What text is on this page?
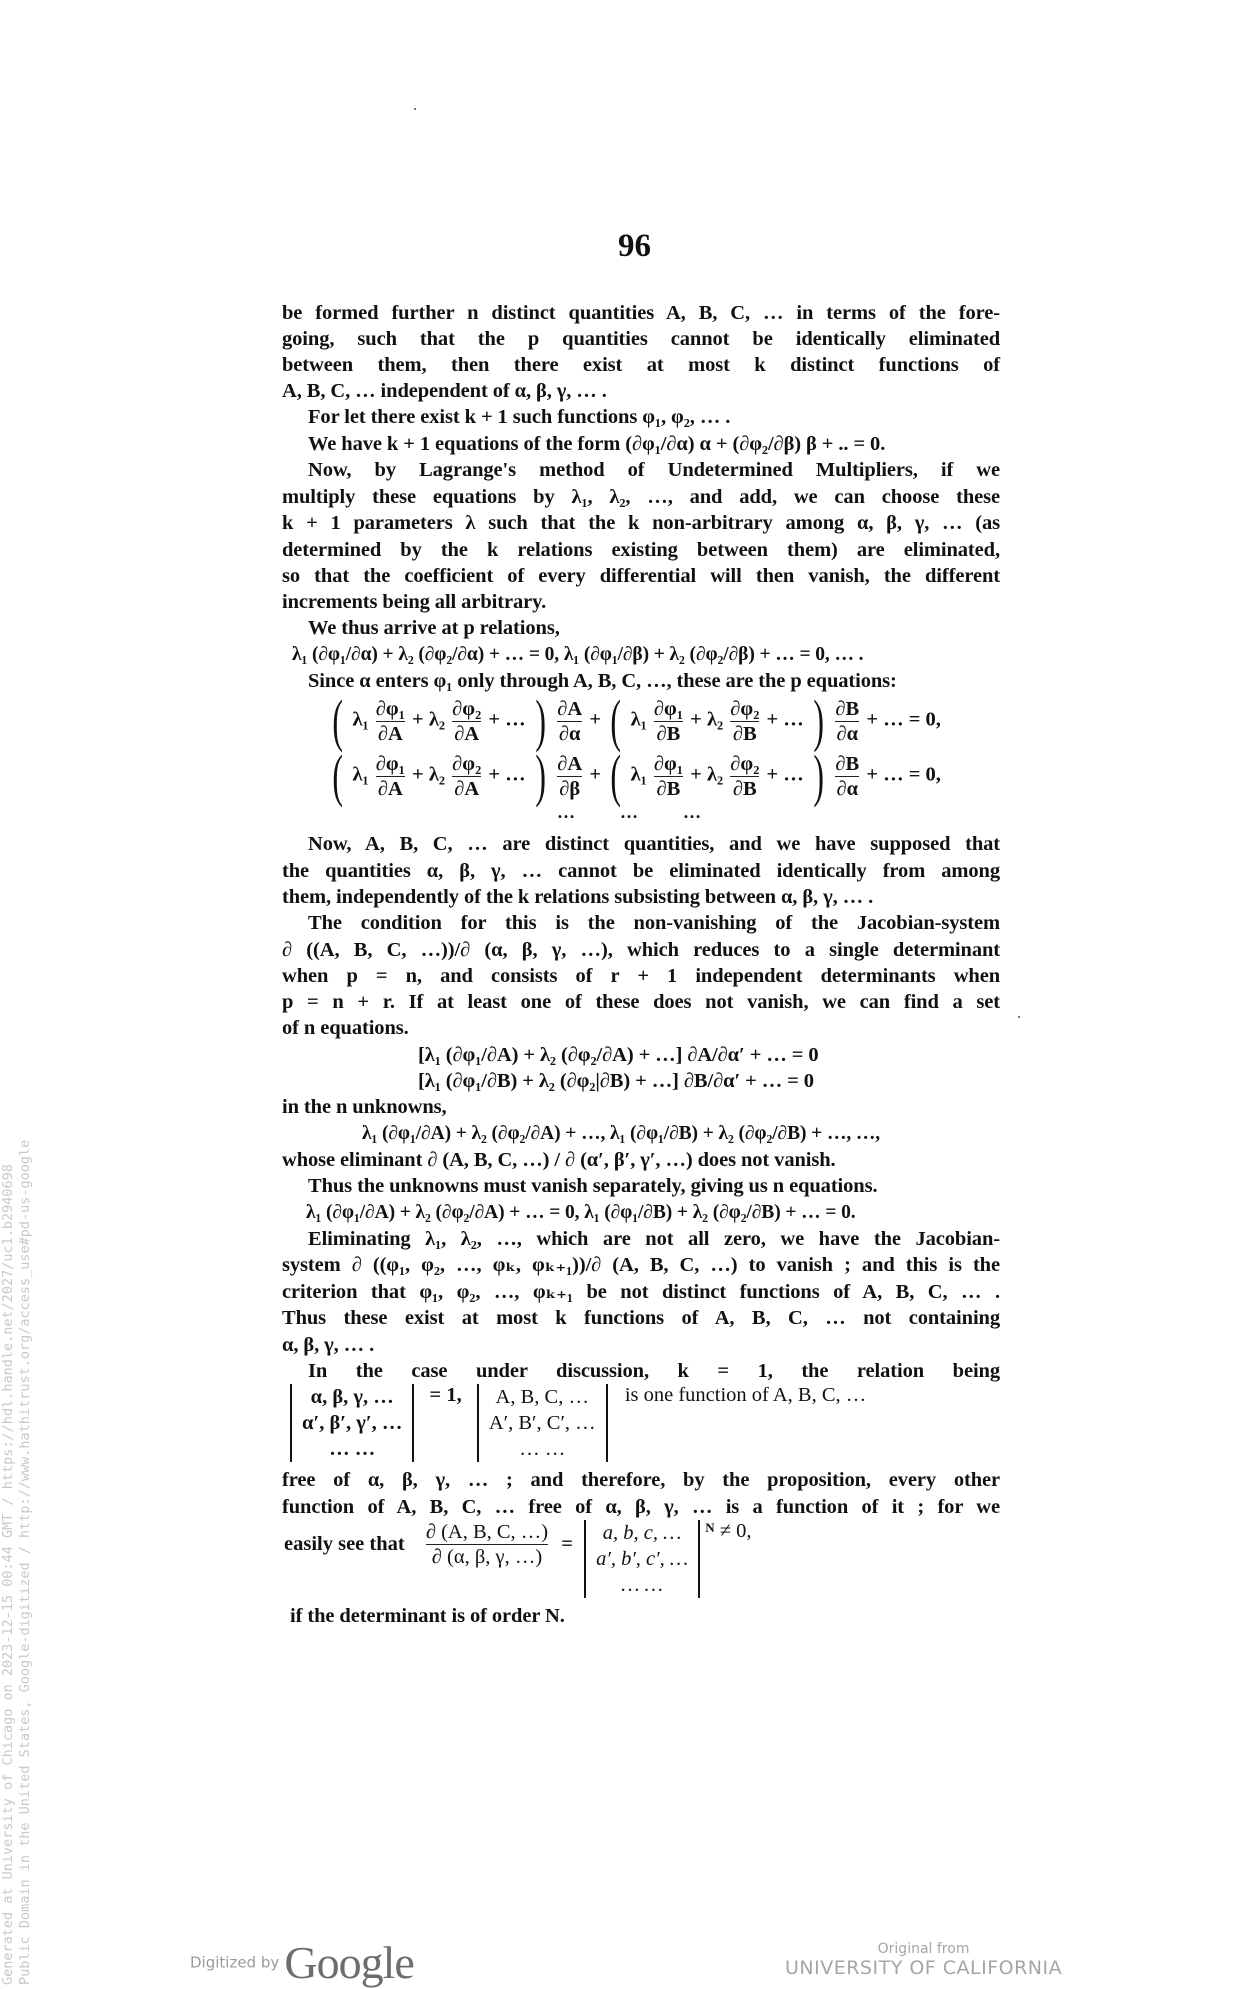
96
be formed further n distinct quantities A, B, C, … in terms of the fore-
going, such that the p quantities cannot be identically eliminated
between them, then there exist at most k distinct functions of
A, B, C, … independent of α, β, γ, … .
For let there exist k + 1 such functions φ₁, φ₂, … .
We have k + 1 equations of the form (∂φ₁/∂α) α + (∂φ₂/∂β) β + .. = 0.
Now, by Lagrange's method of Undetermined Multipliers, if we
multiply these equations by λ₁, λ₂, …, and add, we can choose these
k + 1 parameters λ such that the k non-arbitrary among α, β, γ, … (as
determined by the k relations existing between them) are eliminated,
so that the coefficient of every differential will then vanish, the different
increments being all arbitrary.
We thus arrive at p relations,
λ₁ (∂φ₁/∂α) + λ₂ (∂φ₂/∂α) + … = 0, λ₁ (∂φ₁/∂β) + λ₂ (∂φ₂/∂β) + … = 0, … .
Since α enters φ₁ only through A, B, C, …, these are the p equations:
( $\lambda_1 \frac{\text{∂φ₁}}{\partial A} + \lambda_2 \frac{\text{∂φ₂}}{\partial A}$ + … ) $\frac{\partial A}{\partial\alpha}$ + ( $\lambda_1 \frac{\text{∂φ₁}}{\partial B} + \lambda_2 \frac{\text{∂φ₂}}{\partial B}$ + … ) $\frac{\partial B}{\partial\alpha}$ + … = 0,
( $\lambda_1 \frac{\text{∂φ₁}}{\partial A} + \lambda_2 \frac{\text{∂φ₂}}{\partial A}$ + … ) $\frac{\partial A}{\partial\beta}$ + ( $\lambda_1 \frac{\text{∂φ₁}}{\partial B} + \lambda_2 \frac{\text{∂φ₂}}{\partial B}$ + … ) $\frac{\partial B}{\partial\alpha}$ + … = 0,
…          …          …
Now, A, B, C, … are distinct quantities, and we have supposed that
the quantities α, β, γ, … cannot be eliminated identically from among
them, independently of the k relations subsisting between α, β, γ, … .
The condition for this is the non-vanishing of the Jacobian-system
∂ ((A, B, C, …))/∂ (α, β, γ, …), which reduces to a single determinant
when p = n, and consists of r + 1 independent determinants when
p = n + r. If at least one of these does not vanish, we can find a set
of n equations.
[λ₁ (∂φ₁/∂A) + λ₂ (∂φ₂/∂A) + …] ∂A/∂α′ + … = 0
[λ₁ (∂φ₁/∂B) + λ₂ (∂φ₂|∂B) + …] ∂B/∂α′ + … = 0
in the n unknowns,
λ₁ (∂φ₁/∂A) + λ₂ (∂φ₂/∂A) + …, λ₁ (∂φ₁/∂B) + λ₂ (∂φ₂/∂B) + …, …,
whose eliminant ∂ (A, B, C, …) / ∂ (α′, β′, γ′, …) does not vanish.
Thus the unknowns must vanish separately, giving us n equations.
λ₁ (∂φ₁/∂A) + λ₂ (∂φ₂/∂A) + … = 0, λ₁ (∂φ₁/∂B) + λ₂ (∂φ₂/∂B) + … = 0.
Eliminating λ₁, λ₂, …, which are not all zero, we have the Jacobian-
system ∂ ((φ₁, φ₂, …, φₖ, φₖ₊₁))/∂ (A, B, C, …) to vanish ; and this is the
criterion that φ₁, φ₂, …, φₖ₊₁ be not distinct functions of A, B, C, … .
Thus these exist at most k functions of A, B, C, … not containing
α, β, γ, … .
In the case under discussion, k = 1, the relation being
α, β, γ, …
α′, β′, γ′, …
… …
= 1,	A, B, C, …
A′, B′, C′, …
… …
is one function of A, B, C, …
free of α, β, γ, … ; and therefore, by the proposition, every other
function of A, B, C, … free of α, β, γ, … is a function of it ; for we
easily see that $\frac{\partial (A, B, C, \dots)}{\partial (\alpha, \beta, \gamma, \dots)}$ =	a, b, c, …
a′, b′, c′, …
… …
$^N$ ≠ 0,
if the determinant is of order N.
Generated at University of Chicago on 2023-12-15 00:44 GMT / https://hdl.handle.net/2027/uc1.b2940698 Public Domain in the United States, Google-digitized / http://www.hathitrust.org/access_use#pd-us-google	Digitized by Google	Original from
UNIVERSITY OF CALIFORNIA
